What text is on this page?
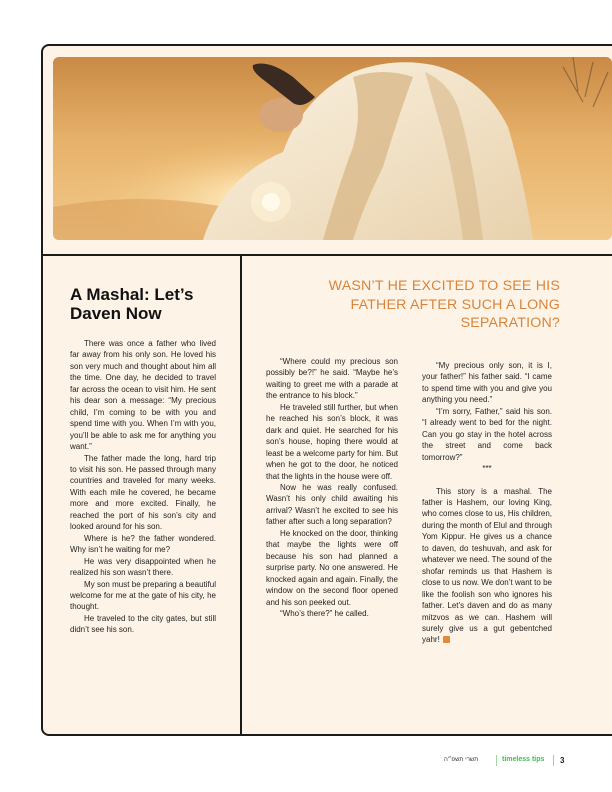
A Mashal: Let’s Daven Now
WASN’T HE EXCITED TO SEE HIS FATHER AFTER SUCH A LONG SEPARATION?

There was once a father who lived far away from his only son. He loved his son very much and thought about him all the time. One day, he decided to travel far across the ocean to visit him. He sent his dear son a message: “My precious child, I’m coming to be with you and spend time with you. When I’m with you, you’ll be able to ask me for anything you want.”

The father made the long, hard trip to visit his son. He passed through many countries and traveled for many weeks. With each mile he covered, he became more and more excited. Finally, he reached the port of his son’s city and looked around for his son.

Where is he? the father wondered. Why isn’t he waiting for me?

He was very disappointed when he realized his son wasn’t there.

My son must be preparing a beautiful welcome for me at the gate of his city, he thought.

He traveled to the city gates, but still didn’t see his son.

“Where could my precious son possibly be?!” he said. “Maybe he’s waiting to greet me with a parade at the entrance to his block.”

He traveled still further, but when he reached his son’s block, it was dark and quiet. He searched for his son’s house, hoping there would at least be a welcome party for him. But when he got to the door, he noticed that the lights in the house were off.

Now he was really confused. Wasn’t his only child awaiting his arrival? Wasn’t he excited to see his father after such a long separation?

He knocked on the door, thinking that maybe the lights were off because his son had planned a surprise party. No one answered. He knocked again and again. Finally, the window on the second floor opened and his son peeked out.

“Who’s there?” he called.

“My precious only son, it is I, your father!” his father said. “I came to spend time with you and give you anything you need.”

“I’m sorry, Father,” said his son. “I already went to bed for the night. Can you go stay in the hotel across the street and come back tomorrow?”

***

This story is a mashal. The father is Hashem, our loving King, who comes close to us, His children, during the month of Elul and through Yom Kippur. He gives us a chance to daven, do teshuvah, and ask for whatever we need. The sound of the shofar reminds us that Hashem is close to us now. We don’t want to be like the foolish son who ignores his father. Let’s daven and do as many mitzvos as we can. Hashem will surely give us a gut gebentched yahr!

תשרי תשפ״ה	timeless tips 3
